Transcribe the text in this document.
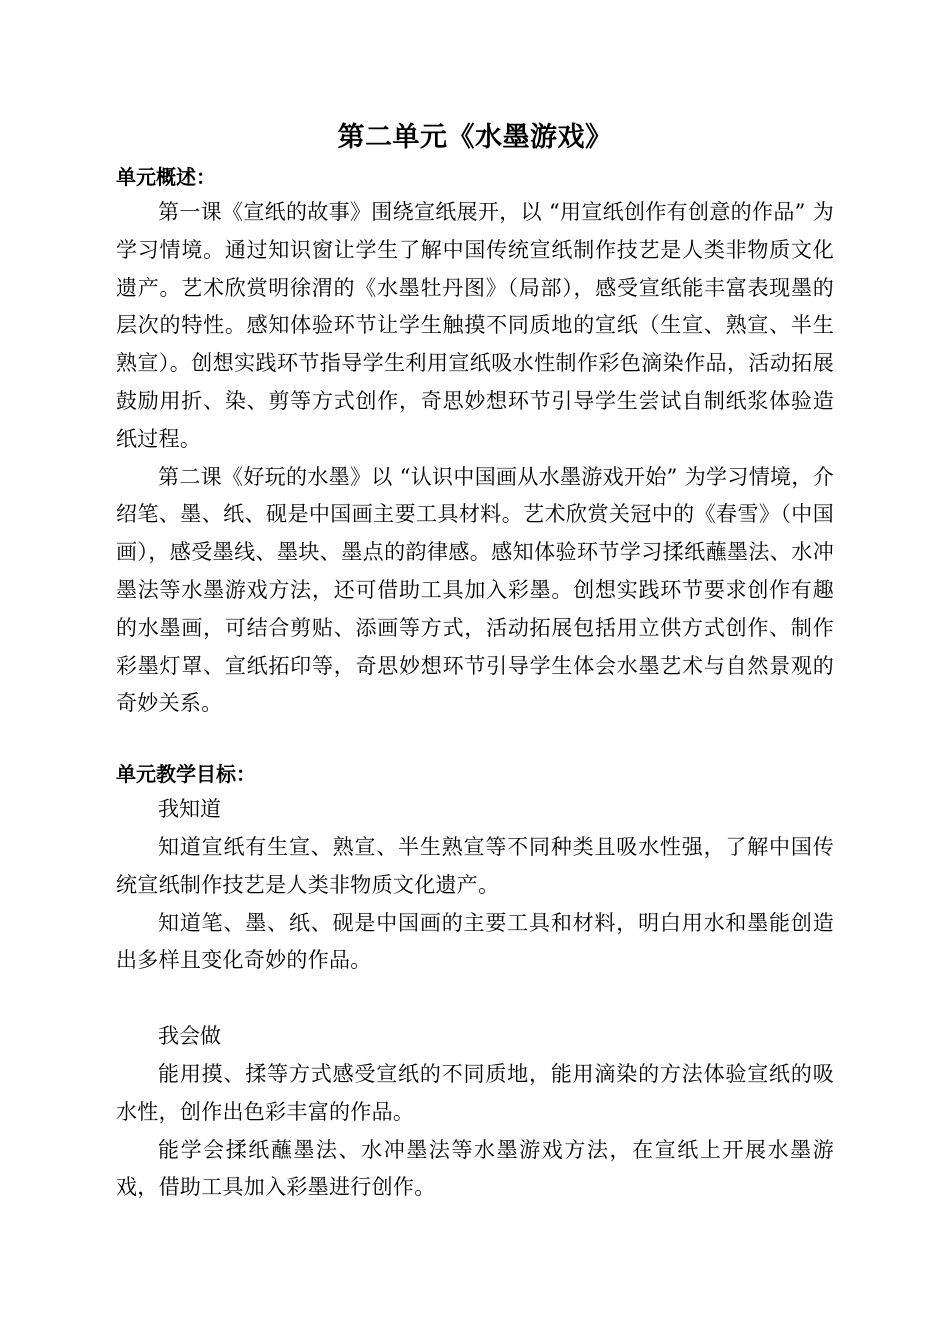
第二单元《水墨游戏》
单元概述：

第一课《宣纸的故事》围绕宣纸展开，以 “用宣纸创作有创意的作品” 为学习情境。通过知识窗让学生了解中国传统宣纸制作技艺是人类非物质文化遗产。艺术欣赏明徐渭的《水墨牡丹图》（局部），感受宣纸能丰富表现墨的层次的特性。感知体验环节让学生触摸不同质地的宣纸（生宣、熟宣、半生熟宣）。创想实践环节指导学生利用宣纸吸水性制作彩色滴染作品，活动拓展鼓励用折、染、剪等方式创作，奇思妙想环节引导学生尝试自制纸浆体验造纸过程。

第二课《好玩的水墨》以 “认识中国画从水墨游戏开始” 为学习情境，介绍笔、墨、纸、砚是中国画主要工具材料。艺术欣赏关冠中的《春雪》（中国画），感受墨线、墨块、墨点的韵律感。感知体验环节学习揉纸蘸墨法、水冲墨法等水墨游戏方法，还可借助工具加入彩墨。创想实践环节要求创作有趣的水墨画，可结合剪贴、添画等方式，活动拓展包括用立供方式创作、制作彩墨灯罩、宣纸拓印等，奇思妙想环节引导学生体会水墨艺术与自然景观的奇妙关系。

单元教学目标：

我知道

知道宣纸有生宣、熟宣、半生熟宣等不同种类且吸水性强，了解中国传统宣纸制作技艺是人类非物质文化遗产。

知道笔、墨、纸、砚是中国画的主要工具和材料，明白用水和墨能创造出多样且变化奇妙的作品。

我会做

能用摸、揉等方式感受宣纸的不同质地，能用滴染的方法体验宣纸的吸水性，创作出色彩丰富的作品。

能学会揉纸蘸墨法、水冲墨法等水墨游戏方法，在宣纸上开展水墨游戏，借助工具加入彩墨进行创作。
